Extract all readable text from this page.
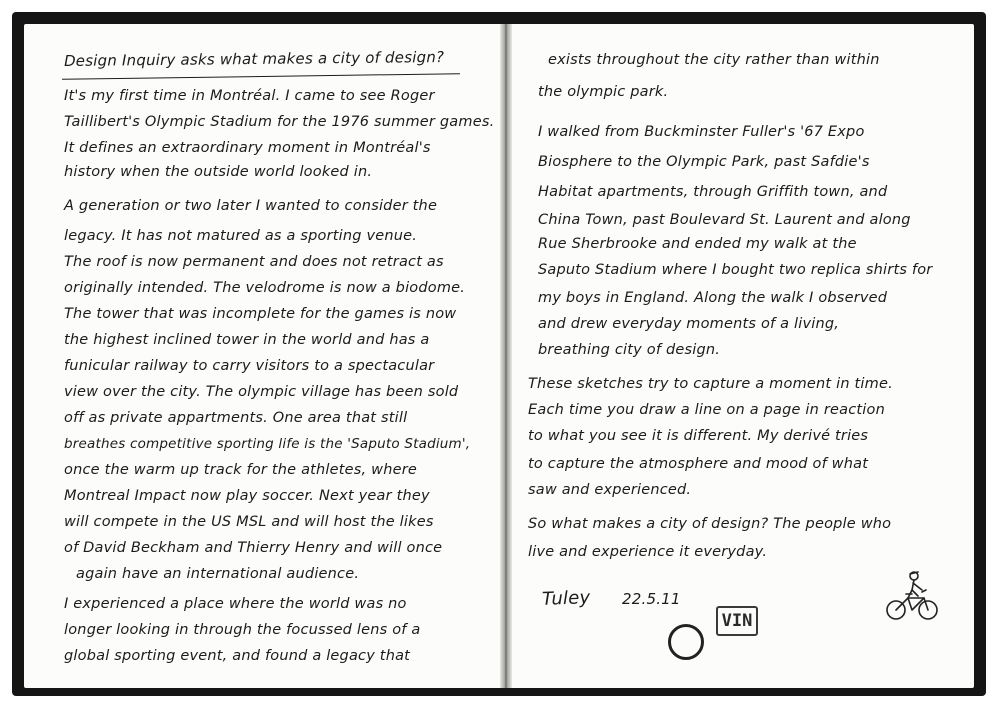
Design Inquiry asks what makes a city of design?

It's my first time in Montréal. I came to see Roger

Taillibert's Olympic Stadium for the 1976 summer games.

It defines an extraordinary moment in Montréal's

history when the outside world looked in.

A generation or two later I wanted to consider the

legacy. It has not matured as a sporting venue.

The roof is now permanent and does not retract as

originally intended. The velodrome is now a biodome.

The tower that was incomplete for the games is now

the highest inclined tower in the world and has a

funicular railway to carry visitors to a spectacular

view over the city. The olympic village has been sold

off as private appartments. One area that still

breathes competitive sporting life is the 'Saputo Stadium',

once the warm up track for the athletes, where

Montreal Impact now play soccer. Next year they

will compete in the US MSL and will host the likes

of David Beckham and Thierry Henry and will once

again have an international audience.

I experienced a place where the world was no

longer looking in through the focussed lens of a

global sporting event, and found a legacy that

exists throughout the city rather than within

the olympic park.

I walked from Buckminster Fuller's '67 Expo

Biosphere to the Olympic Park, past Safdie's

Habitat apartments, through Griffith town, and

China Town, past Boulevard St. Laurent and along

Rue Sherbrooke and ended my walk at the

Saputo Stadium where I bought two replica shirts for

my boys in England. Along the walk I observed

and drew everyday moments of a living,

breathing city of design.

These sketches try to capture a moment in time.

Each time you draw a line on a page in reaction

to what you see it is different. My derivé tries

to capture the atmosphere and mood of what

saw and experienced.

So what makes a city of design? The people who

live and experience it everyday.

Tuley 22.5.11

VIN
